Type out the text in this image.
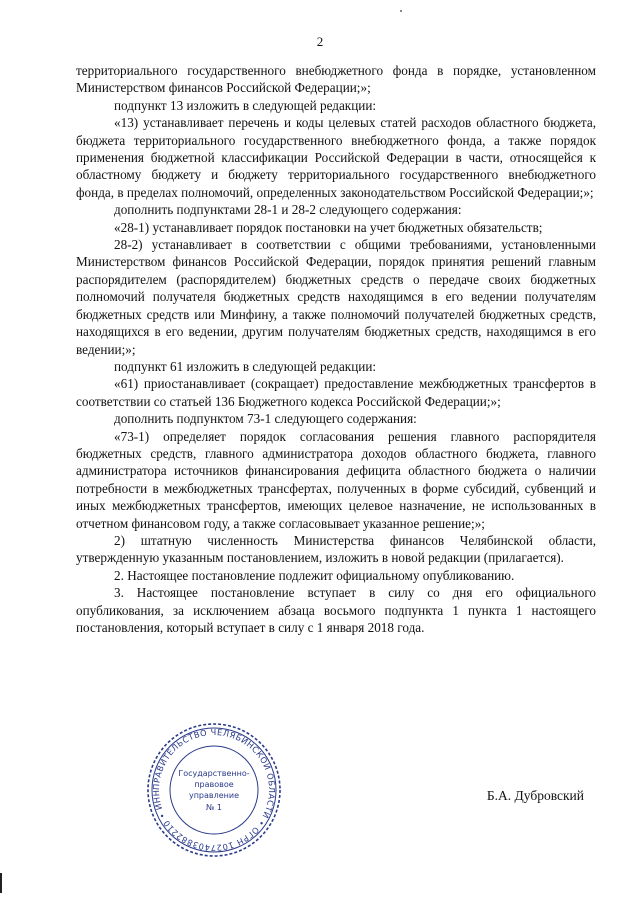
2

территориального государственного внебюджетного фонда в порядке, установленном Министерством финансов Российской Федерации;»;

подпункт 13 изложить в следующей редакции:

«13) устанавливает перечень и коды целевых статей расходов областного бюджета, бюджета территориального государственного внебюджетного фонда, а также порядок применения бюджетной классификации Российской Федерации в части, относящейся к областному бюджету и бюджету территориального государственного внебюджетного фонда, в пределах полномочий, определенных законодательством Российской Федерации;»;

дополнить подпунктами 28-1 и 28-2 следующего содержания:

«28-1) устанавливает порядок постановки на учет бюджетных обязательств;

28-2) устанавливает в соответствии с общими требованиями, установленными Министерством финансов Российской Федерации, порядок принятия решений главным распорядителем (распорядителем) бюджетных средств о передаче своих бюджетных полномочий получателя бюджетных средств находящимся в его ведении получателям бюджетных средств или Минфину, а также полномочий получателей бюджетных средств, находящихся в его ведении, другим получателям бюджетных средств, находящимся в его ведении;»;

подпункт 61 изложить в следующей редакции:

«61) приостанавливает (сокращает) предоставление межбюджетных трансфертов в соответствии со статьей 136 Бюджетного кодекса Российской Федерации;»;

дополнить подпунктом 73-1 следующего содержания:

«73-1) определяет порядок согласования решения главного распорядителя бюджетных средств, главного администратора доходов областного бюджета, главного администратора источников финансирования дефицита областного бюджета о наличии потребности в межбюджетных трансфертах, полученных в форме субсидий, субвенций и иных межбюджетных трансфертов, имеющих целевое назначение, не использованных в отчетном финансовом году, а также согласовывает указанное решение;»;

2) штатную численность Министерства финансов Челябинской области, утвержденную указанным постановлением, изложить в новой редакции (прилагается).

2. Настоящее постановление подлежит официальному опубликованию.

3. Настоящее постановление вступает в силу со дня его официального опубликования, за исключением абзаца восьмого подпункта 1 пункта 1 настоящего постановления, который вступает в силу с 1 января 2018 года.

ПРАВИТЕЛЬСТВО ЧЕЛЯБИНСКОЙ ОБЛАСТИ • ОГРН 1027403882210 • ИНН
Государственно-
правовое
управление
№ 1
Б.А. Дубровский
